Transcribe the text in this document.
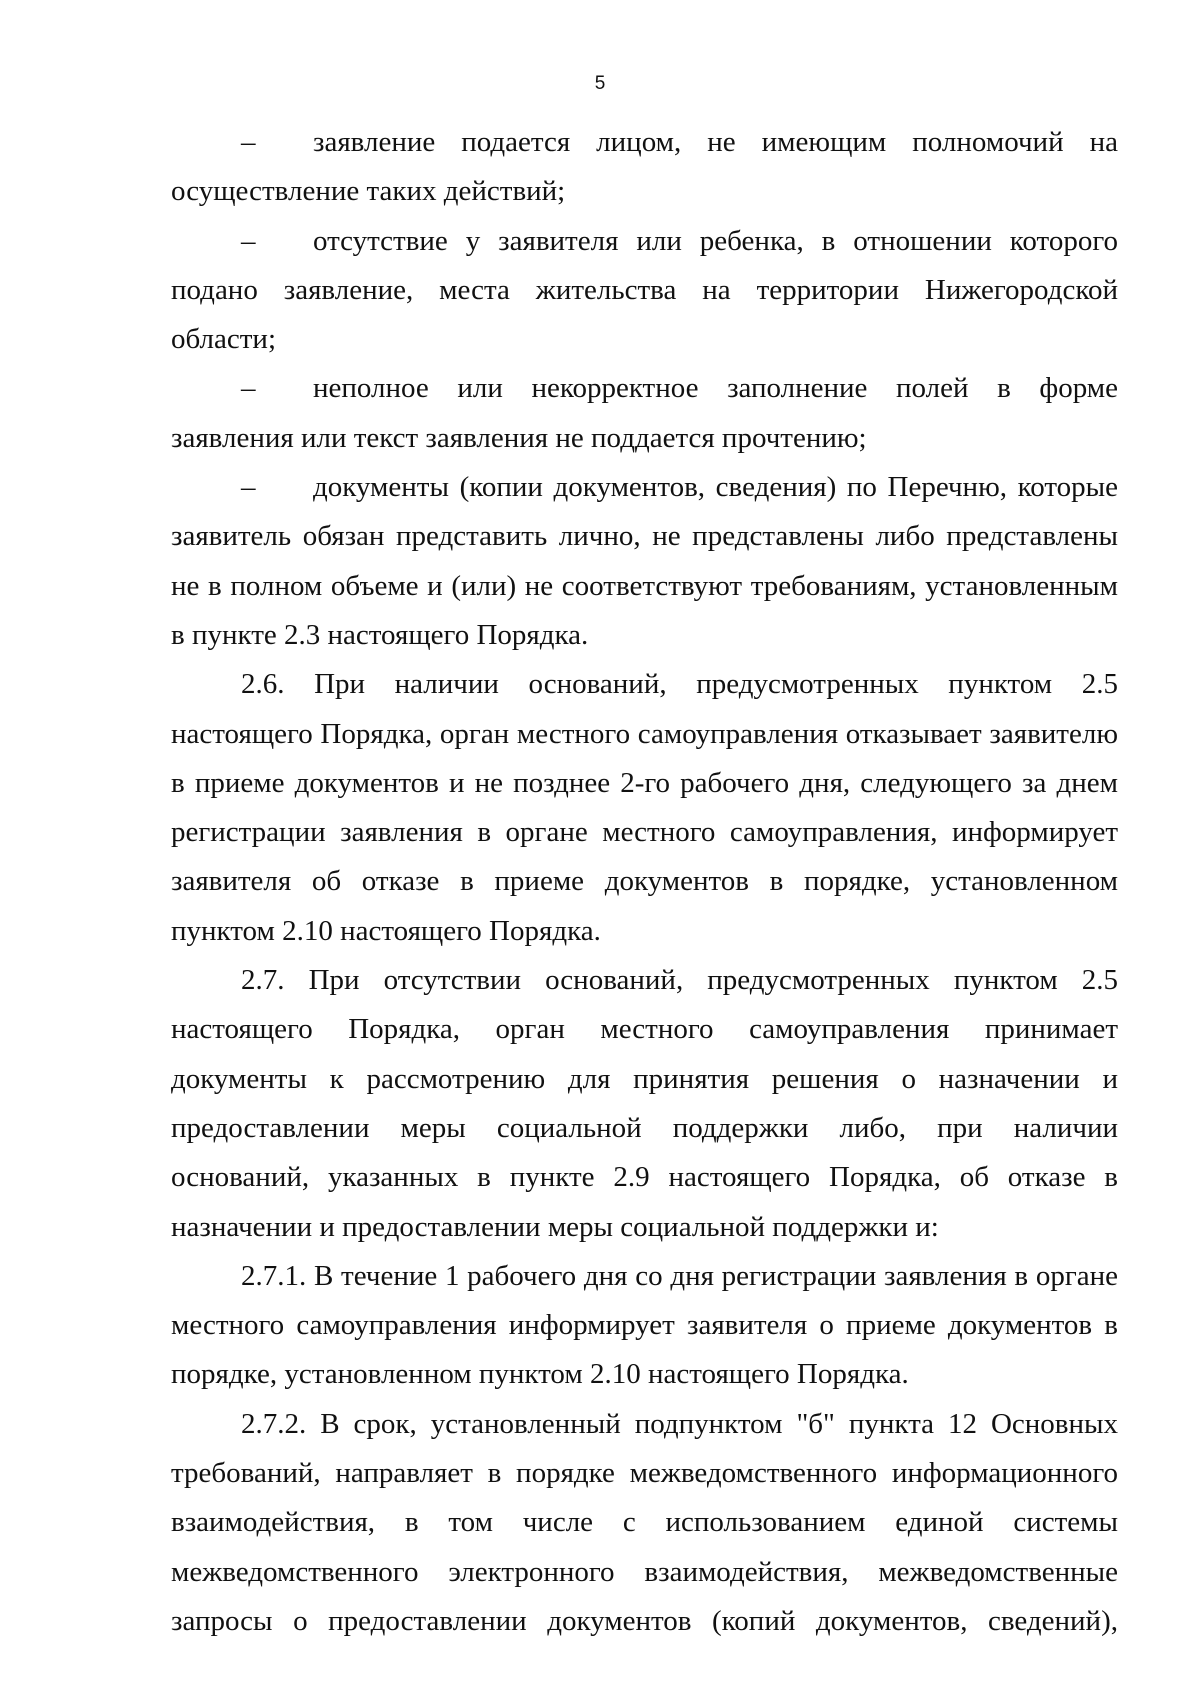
5

– заявление подается лицом, не имеющим полномочий на осуществление таких действий;

– отсутствие у заявителя или ребенка, в отношении которого подано заявление, места жительства на территории Нижегородской области;

– неполное или некорректное заполнение полей в форме заявления или текст заявления не поддается прочтению;

– документы (копии документов, сведения) по Перечню, которые заявитель обязан представить лично, не представлены либо представлены не в полном объеме и (или) не соответствуют требованиям, установленным в пункте 2.3 настоящего Порядка.

2.6. При наличии оснований, предусмотренных пунктом 2.5 настоящего Порядка, орган местного самоуправления отказывает заявителю в приеме документов и не позднее 2-го рабочего дня, следующего за днем регистрации заявления в органе местного самоуправления, информирует заявителя об отказе в приеме документов в порядке, установленном пунктом 2.10 настоящего Порядка.

2.7. При отсутствии оснований, предусмотренных пунктом 2.5 настоящего Порядка, орган местного самоуправления принимает документы к рассмотрению для принятия решения о назначении и предоставлении меры социальной поддержки либо, при наличии оснований, указанных в пункте 2.9 настоящего Порядка, об отказе в назначении и предоставлении меры социальной поддержки и:

2.7.1. В течение 1 рабочего дня со дня регистрации заявления в органе местного самоуправления информирует заявителя о приеме документов в порядке, установленном пунктом 2.10 настоящего Порядка.

2.7.2. В срок, установленный подпунктом "б" пункта 12 Основных требований, направляет в порядке межведомственного информационного взаимодействия, в том числе с использованием единой системы межведомственного электронного взаимодействия, межведомственные запросы о предоставлении документов (копий документов, сведений),
